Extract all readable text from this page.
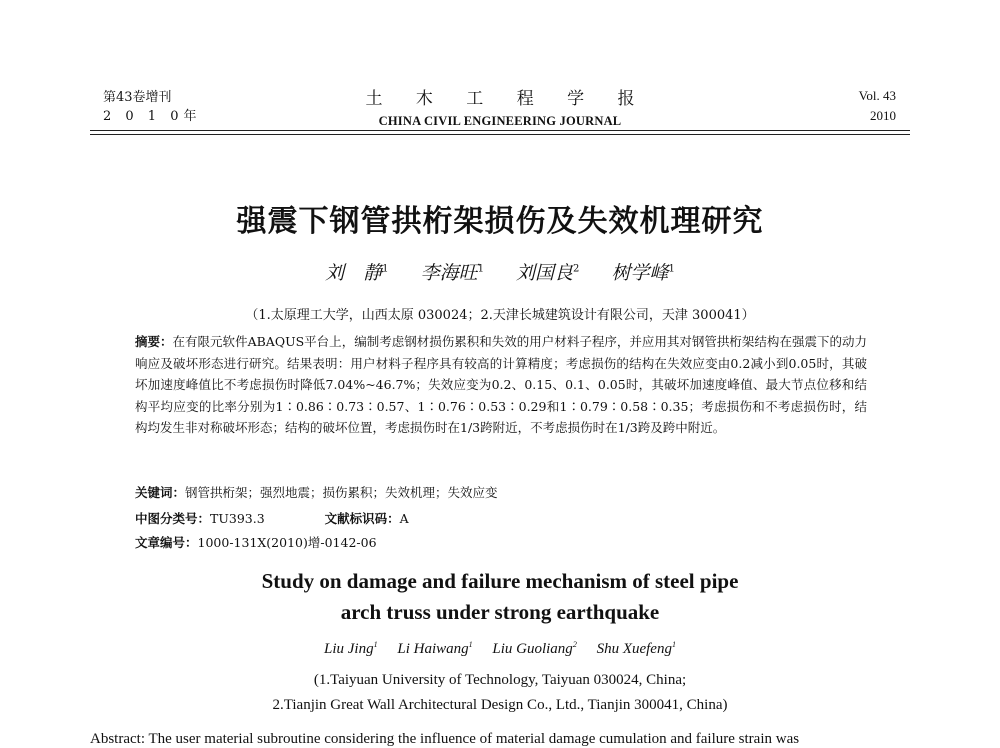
第43卷增刊
2 0 1 0年
土 木 工 程 学 报
CHINA CIVIL ENGINEERING JOURNAL
Vol. 43
2010
强震下钢管拱桁架损伤及失效机理研究
刘　静$^1$ 李海旺$^1$ 刘国良$^2$ 树学峰$^1$
（1.太原理工大学，山西太原 030024；2.天津长城建筑设计有限公司，天津 300041）
摘要：在有限元软件ABAQUS平台上，编制考虑钢材损伤累积和失效的用户材料子程序，并应用其对钢管拱桁架结构在强震下的动力响应及破坏形态进行研究。结果表明：用户材料子程序具有较高的计算精度；考虑损伤的结构在失效应变由0.2减小到0.05时，其破坏加速度峰值比不考虑损伤时降低7.04%~46.7%；失效应变为0.2、0.15、0.1、0.05时，其破坏加速度峰值、最大节点位移和结构平均应变的比率分别为1∶0.86∶0.73∶0.57、1∶0.76∶0.53∶0.29和1∶0.79∶0.58∶0.35；考虑损伤和不考虑损伤时，结构均发生非对称破坏形态；结构的破坏位置，考虑损伤时在1/3跨附近，不考虑损伤时在1/3跨及跨中附近。
关键词：钢管拱桁架；强烈地震；损伤累积；失效机理；失效应变
中图分类号：TU393.3	文献标识码：A
文章编号：1000-131X(2010)增-0142-06
Study on damage and failure mechanism of steel pipe
arch truss under strong earthquake
Liu Jing$^1$ Li Haiwang$^1$ Liu Guoliang$^2$ Shu Xuefeng$^1$
(1.Taiyuan University of Technology, Taiyuan 030024, China;
2.Tianjin Great Wall Architectural Design Co., Ltd., Tianjin 300041, China)
Abstract: The user material subroutine considering the influence of material damage cumulation and failure strain was
